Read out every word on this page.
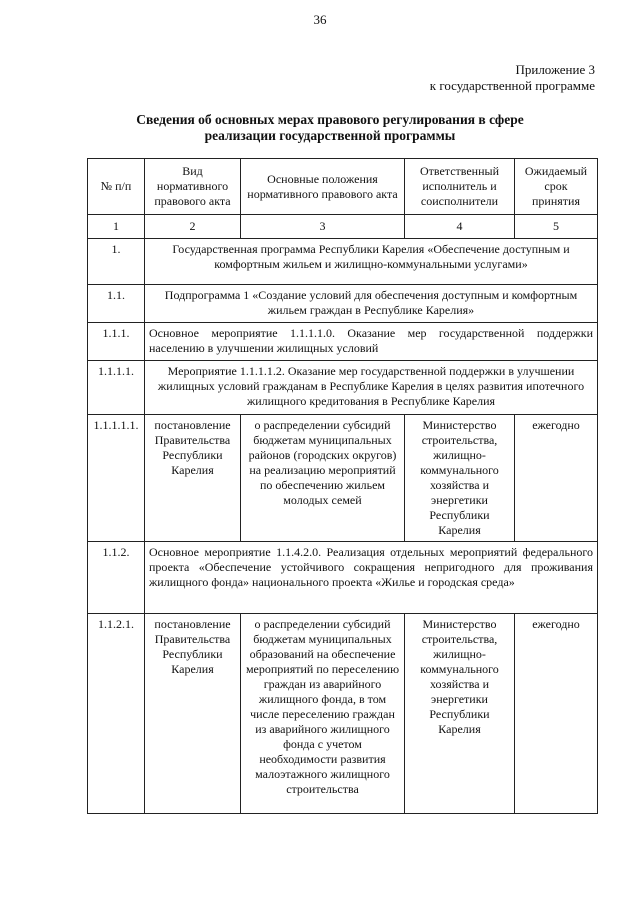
36
Приложение 3
к государственной программе
Сведения об основных мерах правового регулирования в сфере
реализации государственной программы
№ п/п	Вид нормативного правового акта	Основные положения нормативного правового акта	Ответственный исполнитель и соисполнители	Ожидаемый срок принятия
1	2	3	4	5
1.	Государственная программа Республики Карелия «Обеспечение доступным и комфортным жильем и жилищно-коммунальными услугами»			
1.1.	Подпрограмма 1 «Создание условий для обеспечения доступным и комфортным жильем граждан в Республике Карелия»			
1.1.1.	Основное мероприятие 1.1.1.1.0. Оказание мер государственной поддержки населению в улучшении жилищных условий			
1.1.1.1.	Мероприятие 1.1.1.1.2. Оказание мер государственной поддержки в улучшении жилищных условий гражданам в Республике Карелия в целях развития ипотечного жилищного кредитования в Республике Карелия			
1.1.1.1.1.	постановление Правительства Республики Карелия	о распределении субсидий бюджетам муниципальных районов (городских округов) на реализацию мероприятий по обеспечению жильем молодых семей	Министерство строительства, жилищно-коммунального хозяйства и энергетики Республики Карелия	ежегодно
1.1.2.	Основное мероприятие 1.1.4.2.0. Реализация отдельных мероприятий федерального проекта «Обеспечение устойчивого сокращения непригодного для проживания жилищного фонда» национального проекта «Жилье и городская среда»			
1.1.2.1.	постановление Правительства Республики Карелия	о распределении субсидий бюджетам муниципальных образований на обеспечение мероприятий по переселению граждан из аварийного жилищного фонда, в том числе переселению граждан из аварийного жилищного фонда с учетом необходимости развития малоэтажного жилищного строительства	Министерство строительства, жилищно-коммунального хозяйства и энергетики Республики Карелия	ежегодно
